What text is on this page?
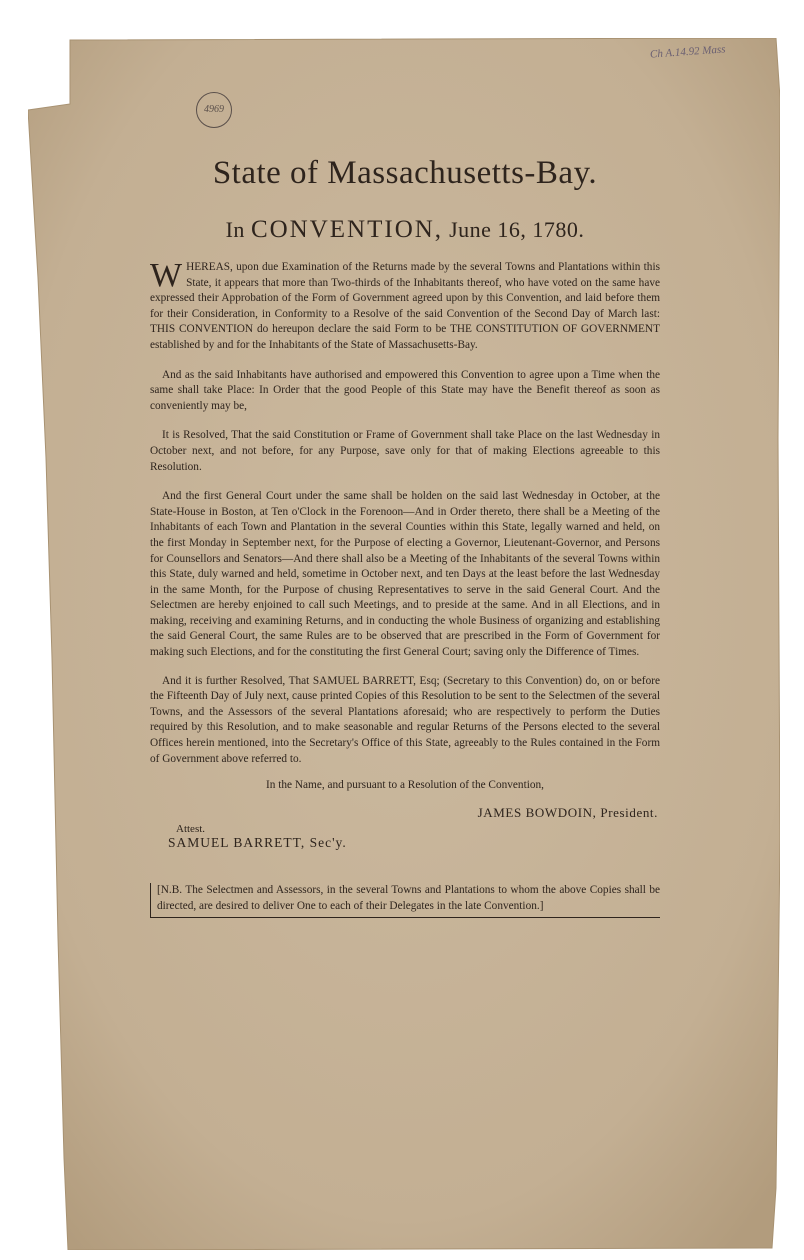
Ch A.14.92 Mass
4969
State of Massachusetts-Bay.
In CONVENTION, June 16, 1780.

WHEREAS, upon due Examination of the Returns made by the several Towns and Plantations within this State, it appears that more than Two-thirds of the Inhabitants thereof, who have voted on the same have expressed their Approbation of the Form of Government agreed upon by this Convention, and laid before them for their Consideration, in Conformity to a Resolve of the said Convention of the Second Day of March last: THIS CONVENTION do hereupon declare the said Form to be THE CONSTITUTION OF GOVERNMENT established by and for the Inhabitants of the State of Massachusetts-Bay.

And as the said Inhabitants have authorised and empowered this Convention to agree upon a Time when the same shall take Place: In Order that the good People of this State may have the Benefit thereof as soon as conveniently may be,

It is Resolved, That the said Constitution or Frame of Government shall take Place on the last Wednesday in October next, and not before, for any Purpose, save only for that of making Elections agreeable to this Resolution.

And the first General Court under the same shall be holden on the said last Wednesday in October, at the State-House in Boston, at Ten o'Clock in the Forenoon—And in Order thereto, there shall be a Meeting of the Inhabitants of each Town and Plantation in the several Counties within this State, legally warned and held, on the first Monday in September next, for the Purpose of electing a Governor, Lieutenant-Governor, and Persons for Counsellors and Senators—And there shall also be a Meeting of the Inhabitants of the several Towns within this State, duly warned and held, sometime in October next, and ten Days at the least before the last Wednesday in the same Month, for the Purpose of chusing Representatives to serve in the said General Court. And the Selectmen are hereby enjoined to call such Meetings, and to preside at the same. And in all Elections, and in making, receiving and examining Returns, and in conducting the whole Business of organizing and establishing the said General Court, the same Rules are to be observed that are prescribed in the Form of Government for making such Elections, and for the constituting the first General Court; saving only the Difference of Times.

And it is further Resolved, That SAMUEL BARRETT, Esq; (Secretary to this Convention) do, on or before the Fifteenth Day of July next, cause printed Copies of this Resolution to be sent to the Selectmen of the several Towns, and the Assessors of the several Plantations aforesaid; who are respectively to perform the Duties required by this Resolution, and to make seasonable and regular Returns of the Persons elected to the several Offices herein mentioned, into the Secretary's Office of this State, agreeably to the Rules contained in the Form of Government above referred to.

In the Name, and pursuant to a Resolution of the Convention,
JAMES BOWDOIN, President.
Attest.
SAMUEL BARRETT, Sec'y.
[N.B. The Selectmen and Assessors, in the several Towns and Plantations to whom the above Copies shall be directed, are desired to deliver One to each of their Delegates in the late Convention.]
